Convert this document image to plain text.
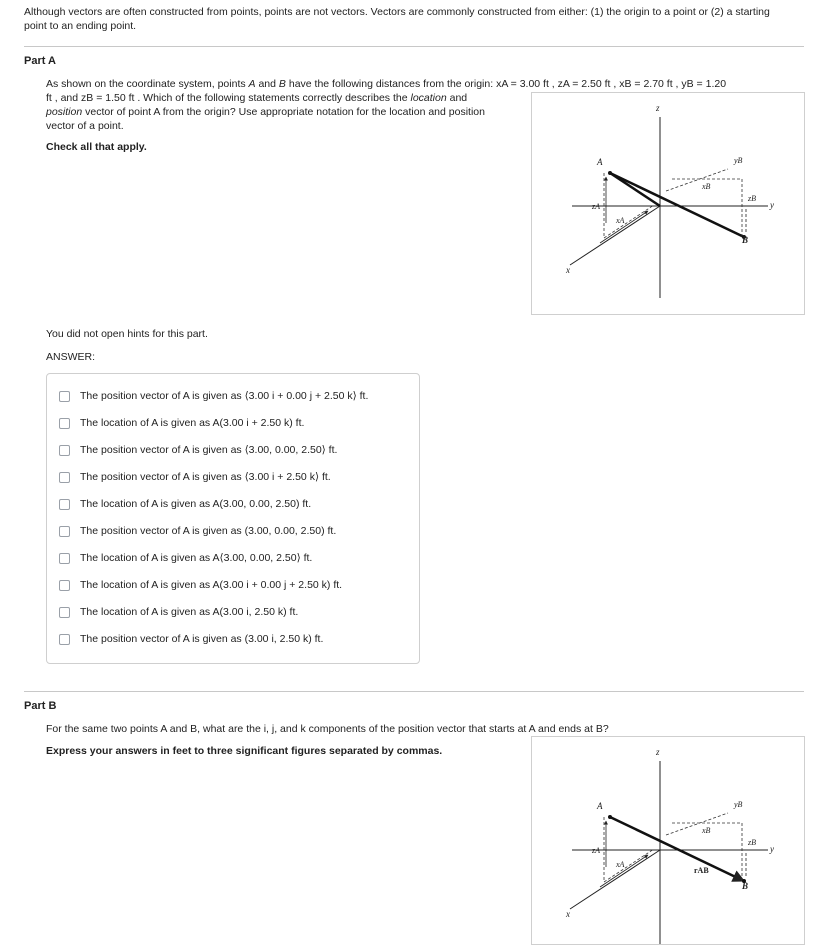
Although vectors are often constructed from points, points are not vectors. Vectors are commonly constructed from either: (1) the origin to a point or (2) a starting point to an ending point.
Part A
As shown on the coordinate system, points A and B have the following distances from the origin: xA = 3.00 ft , zA = 2.50 ft , xB = 2.70 ft , yB = 1.20
ft , and zB = 1.50 ft . Which of the following statements correctly describes the location and
position vector of point A from the origin? Use appropriate notation for the location and position
vector of a point.
Check all that apply.
z
y
x
A
B
zA
xA
xB
yB
zB
You did not open hints for this part.
ANSWER:
The position vector of A is given as ⟨3.00 i + 0.00 j + 2.50 k⟩ ft.
The location of A is given as A(3.00 i + 2.50 k) ft.
The position vector of A is given as ⟨3.00, 0.00, 2.50⟩ ft.
The position vector of A is given as ⟨3.00 i + 2.50 k⟩ ft.
The location of A is given as A(3.00, 0.00, 2.50) ft.
The position vector of A is given as (3.00, 0.00, 2.50) ft.
The location of A is given as A⟨3.00, 0.00, 2.50⟩ ft.
The location of A is given as A(3.00 i + 0.00 j + 2.50 k) ft.
The location of A is given as A(3.00 i, 2.50 k) ft.
The position vector of A is given as (3.00 i, 2.50 k) ft.
Part B
For the same two points A and B, what are the i, j, and k components of the position vector that starts at A and ends at B?
Express your answers in feet to three significant figures separated by commas.	z
y
x
A
B
zA
xA
xB
yB
zB
rAB
